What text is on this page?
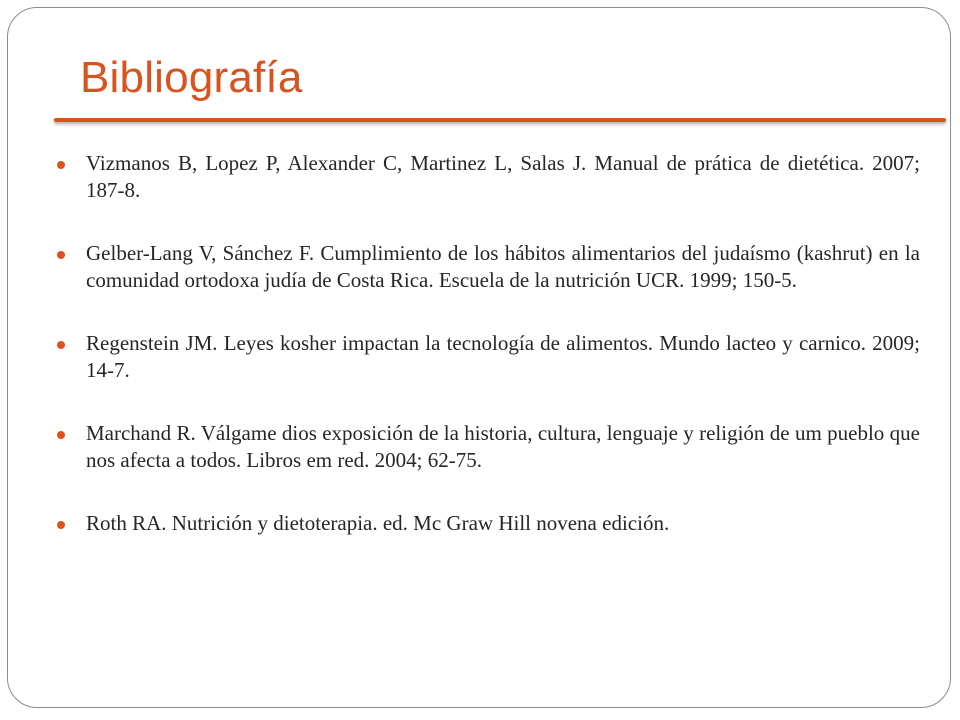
Bibliografía
Vizmanos B, Lopez P, Alexander C, Martinez L, Salas J. Manual de prática de dietética. 2007; 187-8.
Gelber-Lang V, Sánchez F. Cumplimiento de los hábitos alimentarios del judaísmo (kashrut) en la comunidad ortodoxa judía de Costa Rica. Escuela de la nutrición UCR. 1999; 150-5.
Regenstein JM. Leyes kosher impactan la tecnología de alimentos. Mundo lacteo y carnico. 2009; 14-7.
Marchand R. Válgame dios exposición de la historia, cultura, lenguaje y religión de um pueblo que nos afecta a todos. Libros em red. 2004; 62-75.
Roth RA. Nutrición y dietoterapia. ed. Mc Graw Hill novena edición.
